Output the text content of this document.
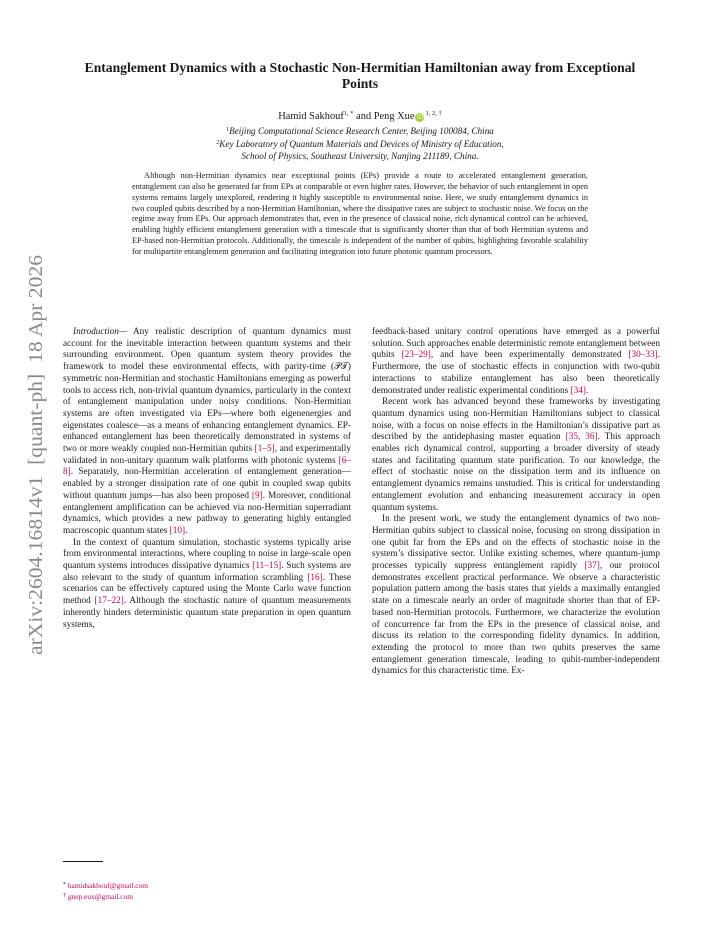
arXiv:2604.16814v1  [quant-ph]  18 Apr 2026
Entanglement Dynamics with a Stochastic Non-Hermitian Hamiltonian away from Exceptional Points
Hamid Sakhouf$^{1, *}$ and Peng Xue $iD^{1, 2, \dagger}$
$^1$Beijing Computational Science Research Center, Beijing 100084, China
$^2$Key Laboratory of Quantum Materials and Devices of Ministry of Education,
School of Physics, Southeast University, Nanjing 211189, China.

Although non-Hermitian dynamics near exceptional points (EPs) provide a route to accelerated entanglement generation, entanglement can also be generated far from EPs at comparable or even higher rates. However, the behavior of such entanglement in open systems remains largely unexplored, rendering it highly susceptible to environmental noise. Here, we study entanglement dynamics in two coupled qubits described by a non-Hermitian Hamiltonian, where the dissipative rates are subject to stochastic noise. We focus on the regime away from EPs. Our approach demonstrates that, even in the presence of classical noise, rich dynamical control can be achieved, enabling highly efficient entanglement generation with a timescale that is significantly shorter than that of both Hermitian systems and EP-based non-Hermitian protocols. Additionally, the timescale is independent of the number of qubits, highlighting favorable scalability for multipartite entanglement generation and facilitating integration into future photonic quantum processors.

Introduction— Any realistic description of quantum dynamics must account for the inevitable interaction between quantum systems and their surrounding environment. Open quantum system theory provides the framework to model these environmental effects, with parity-time (𝒫𝒯) symmetric non-Hermitian and stochastic Hamiltonians emerging as powerful tools to access rich, non-trivial quantum dynamics, particularly in the context of entanglement manipulation under noisy conditions. Non-Hermitian systems are often investigated via EPs—where both eigenenergies and eigenstates coalesce—as a means of enhancing entanglement dynamics. EP-enhanced entanglement has been theoretically demonstrated in systems of two or more weakly coupled non-Hermitian qubits [1–5], and experimentally validated in non-unitary quantum walk platforms with photonic systems [6–8]. Separately, non-Hermitian acceleration of entanglement generation—enabled by a stronger dissipation rate of one qubit in coupled swap qubits without quantum jumps—has also been proposed [9]. Moreover, conditional entanglement amplification can be achieved via non-Hermitian superradiant dynamics, which provides a new pathway to generating highly entangled macroscopic quantum states [10].

In the context of quantum simulation, stochastic systems typically arise from environmental interactions, where coupling to noise in large-scale open quantum systems introduces dissipative dynamics [11–15]. Such systems are also relevant to the study of quantum information scrambling [16]. These scenarios can be effectively captured using the Monte Carlo wave function method [17–22]. Although the stochastic nature of quantum measurements inherently hinders deterministic quantum state preparation in open quantum systems,

feedback-based unitary control operations have emerged as a powerful solution. Such approaches enable deterministic remote entanglement between qubits [23–29], and have been experimentally demonstrated [30–33]. Furthermore, the use of stochastic effects in conjunction with two-qubit interactions to stabilize entanglement has also been theoretically demonstrated under realistic experimental conditions [34].

Recent work has advanced beyond these frameworks by investigating quantum dynamics using non-Hermitian Hamiltonians subject to classical noise, with a focus on noise effects in the Hamiltonian’s dissipative part as described by the antidephasing master equation [35, 36]. This approach enables rich dynamical control, supporting a broader diversity of steady states and facilitating quantum state purification. To our knowledge, the effect of stochastic noise on the dissipation term and its influence on entanglement dynamics remains unstudied. This is critical for understanding entanglement evolution and enhancing measurement accuracy in open quantum systems.

In the present work, we study the entanglement dynamics of two non-Hermitian qubits subject to classical noise, focusing on strong dissipation in one qubit far from the EPs and on the effects of stochastic noise in the system’s dissipative sector. Unlike existing schemes, where quantum-jump processes typically suppress entanglement rapidly [37], our protocol demonstrates excellent practical performance. We observe a characteristic population pattern among the basis states that yields a maximally entangled state on a timescale nearly an order of magnitude shorter than that of EP-based non-Hermitian protocols. Furthermore, we characterize the evolution of concurrence far from the EPs in the presence of classical noise, and discuss its relation to the corresponding fidelity dynamics. In addition, extending the protocol to more than two qubits preserves the same entanglement generation timescale, leading to qubit-number-independent dynamics for this characteristic time. Ex-

* hamidsakhouf@gmail.com
† gnep.eux@gmail.com
